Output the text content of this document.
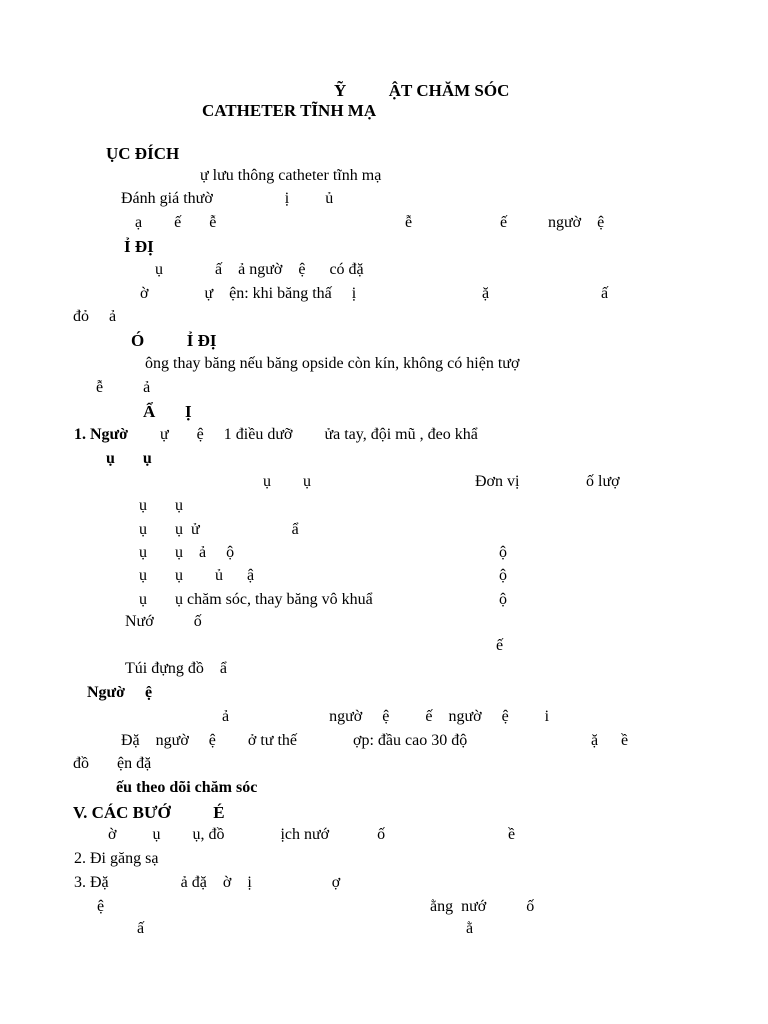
Ỹ          ẬT CHĂM SÓC
CATHETER TĨNH MẠ
ỤC ĐÍCH
ự lưu thông catheter tĩnh mạ
Đánh giá thườ                  ị         ủ
ạ        ế       ễ	ễ	ế	ngườ    ệ
Ỉ ĐỊ
ụ             ấ    ả ngườ    ệ      có đặ
ờ              ự    ện: khi băng thấ     ị	ặ	ấ
đỏ     ả
Ó          Ỉ ĐỊ
ông thay băng nếu băng opside còn kín, không có hiện tượ
ễ          ả
Ẩ       Ị
1. Ngườ ự       ệ     1 điều dưỡ        ửa tay, đội mũ , đeo khẩ
ụ       ụ
ụ        ụ	Đơn vị	ố lượ
ụ       ụ
ụ       ụ  ử                       ẩ
ụ       ụ    ả     ộ	ộ
ụ       ụ        ủ      ậ	ộ
ụ       ụ chăm sóc, thay băng vô khuẩ	ộ
Nướ          ố
ế
Túi đựng đồ    ẩ
Ngườ     ệ
ả                         ngườ     ệ         ế    ngườ     ệ         i
Đặ    ngườ     ệ        ở tư thế              ợp: đầu cao 30 độ	ặ ề
đồ       ện đặ
ếu theo dõi chăm sóc
V. CÁC BƯỚ          É
ờ         ụ        ụ, đồ              ịch nướ            ố	ề
2. Đi găng sạ
3. Đặ                  ả đặ    ờ    ị                    ợ
ệ	ằng  nướ          ố
ấ	ằ
